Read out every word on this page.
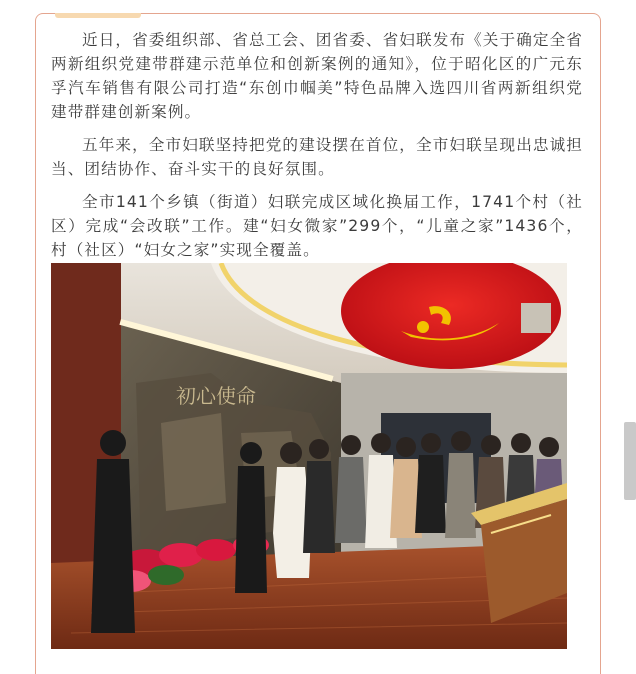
近日，省委组织部、省总工会、团省委、省妇联发布《关于确定全省两新组织党建带群建示范单位和创新案例的通知》，位于昭化区的广元东孚汽车销售有限公司打造“东创巾帼美”特色品牌入选四川省两新组织党建带群建创新案例。

五年来，全市妇联坚持把党的建设摆在首位，全市妇联呈现出忠诚担当、团结协作、奋斗实干的良好氛围。

全市141个乡镇（街道）妇联完成区域化换届工作，1741个村（社区）完成“会改联”工作。建“妇女微家”299个，“儿童之家”1436个，村（社区）“妇女之家”实现全覆盖。

初心使命
